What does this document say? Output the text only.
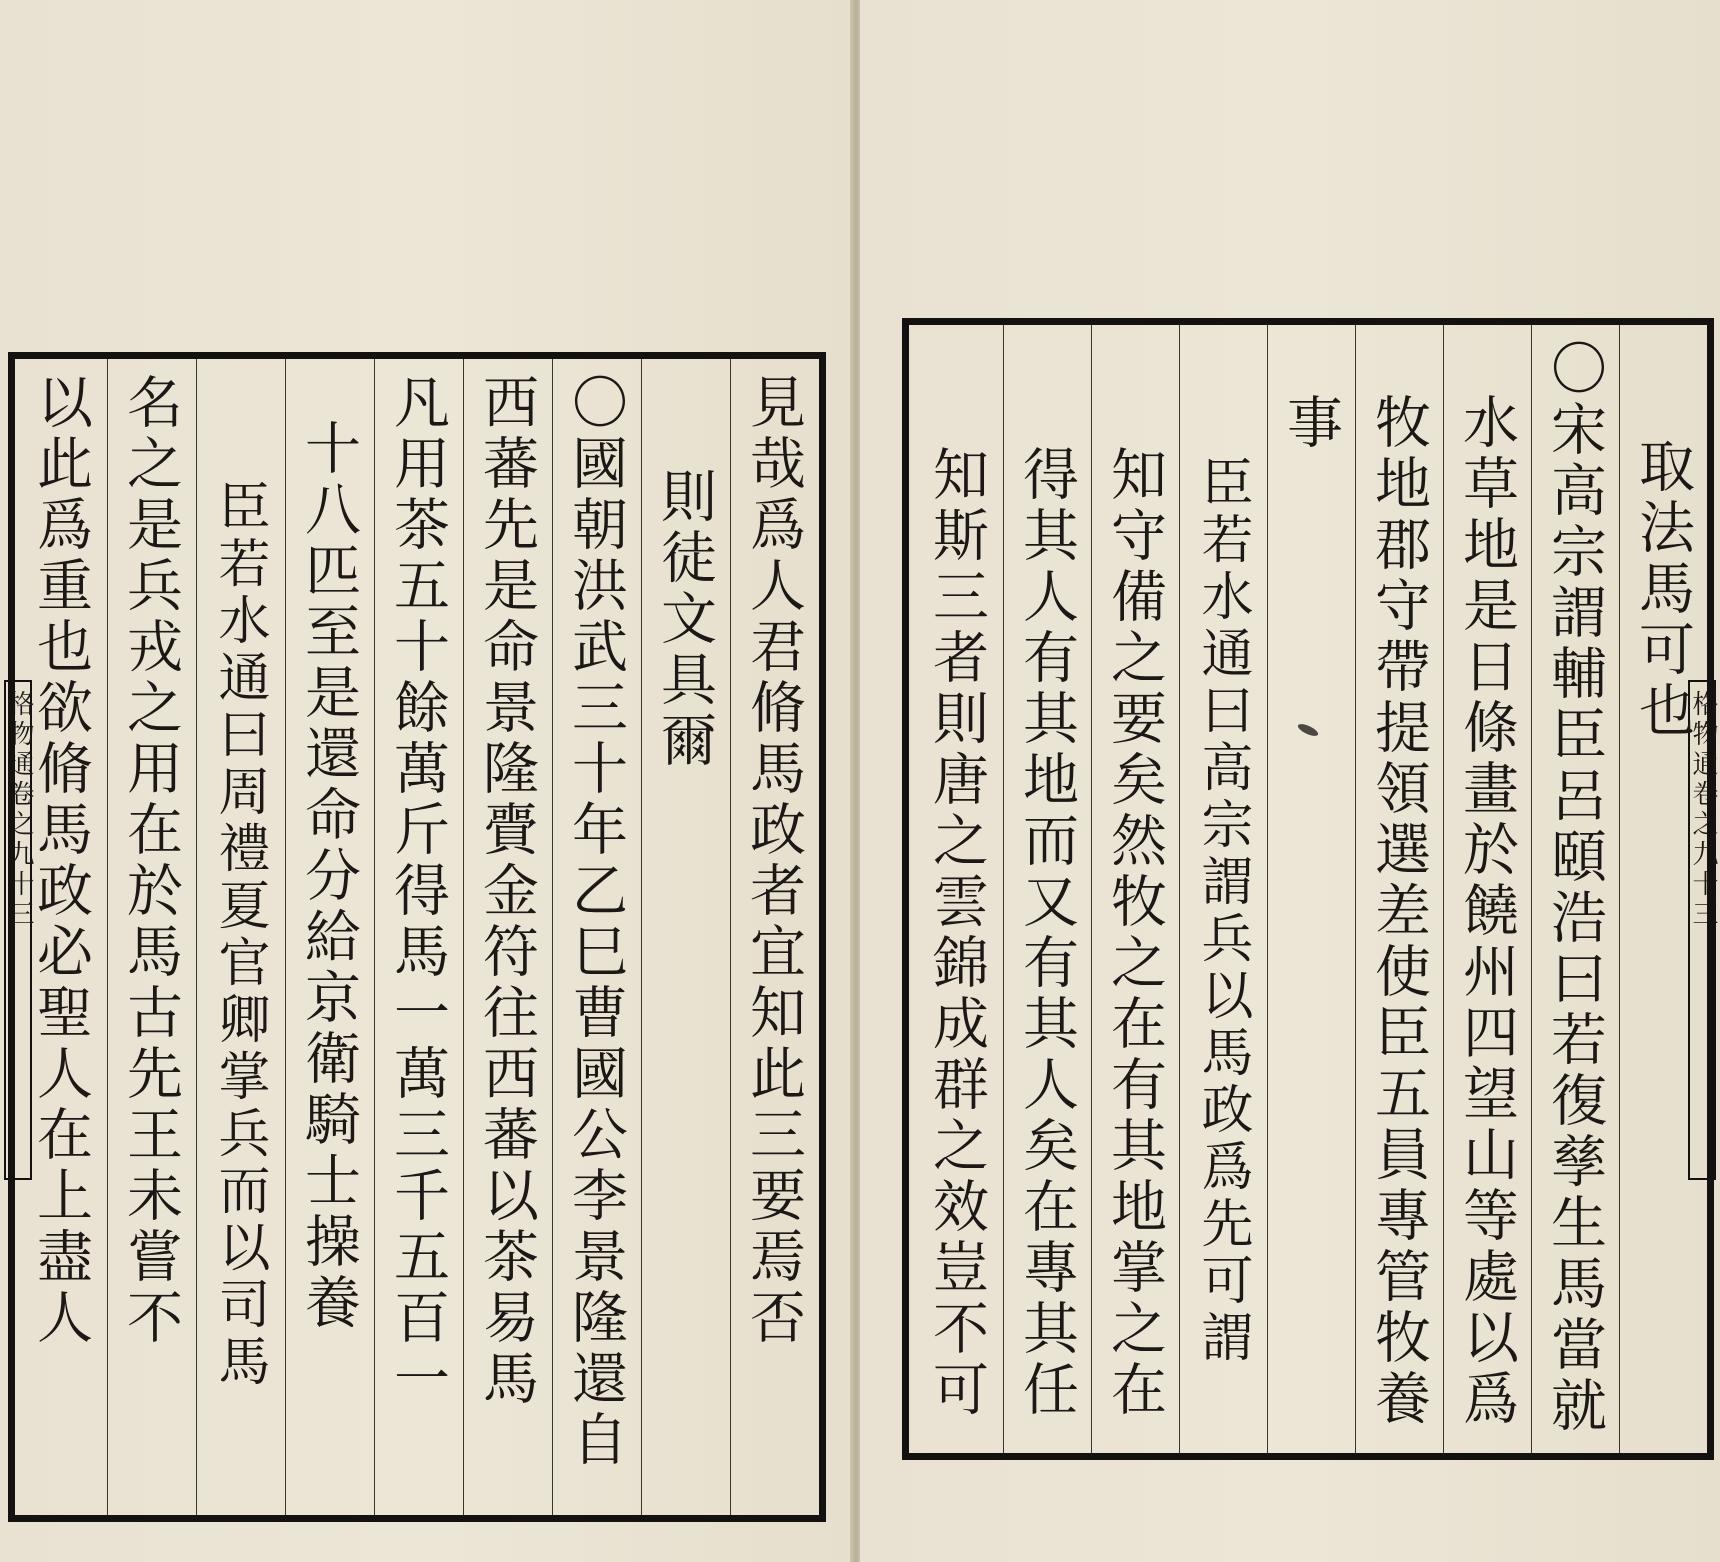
格物通卷之九十三	見哉爲人君脩馬政者宜知此三要焉否
則徒文具爾
〇國朝洪武三十年乙巳曹國公李景隆還自
西蕃先是命景隆賷金符往西蕃以茶易馬
凡用茶五十餘萬斤得馬一萬三千五百一
十八匹至是還命分給京衛騎士操養
臣若水通曰周禮夏官卿掌兵而以司馬
名之是兵戎之用在於馬古先王未嘗不
以此爲重也欲脩馬政必聖人在上盡人	格物通卷之九十三
取法馬可也
〇宋高宗謂輔臣呂頤浩曰若復孳生馬當就
水草地是日條畫於饒州四望山等處以爲
牧地郡守帶提領選差使臣五員專管牧養
事
臣若水通曰高宗謂兵以馬政爲先可謂
知守備之要矣然牧之在有其地掌之在
得其人有其地而又有其人矣在專其任
知斯三者則唐之雲錦成群之效豈不可
